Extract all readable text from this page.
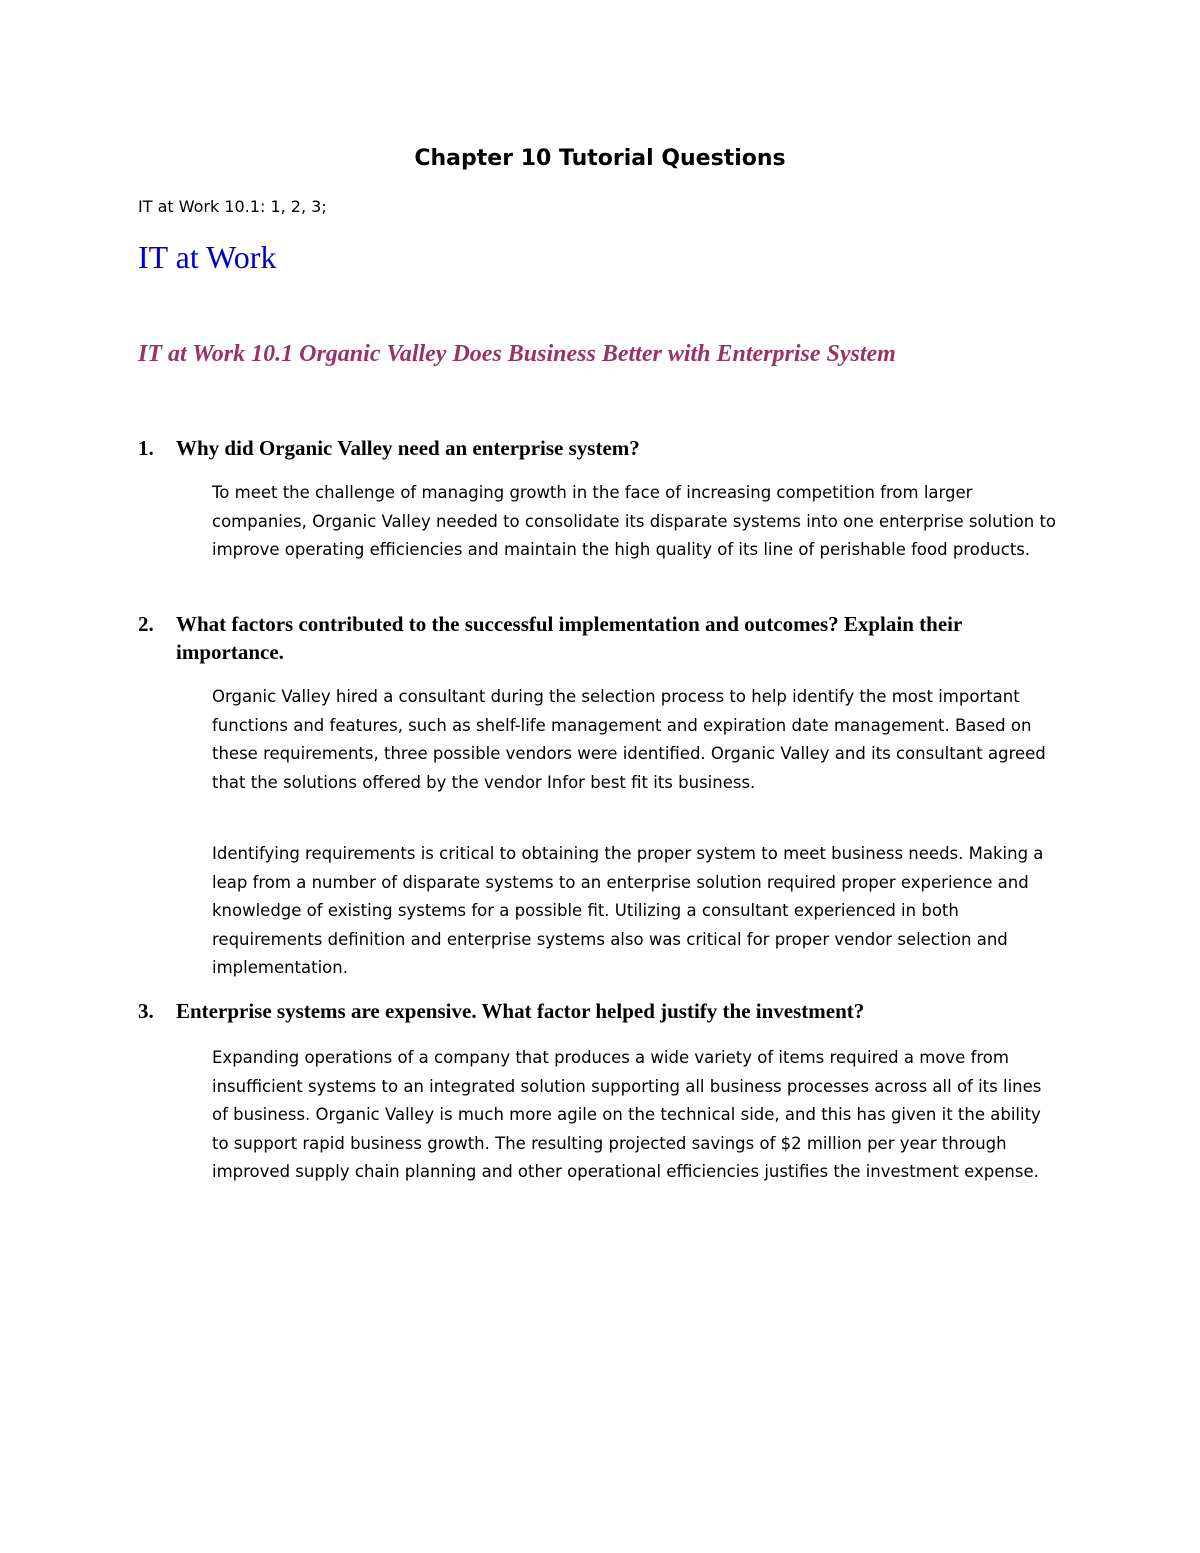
Chapter 10 Tutorial Questions
IT at Work 10.1: 1, 2, 3;
IT at Work
IT at Work 10.1 Organic Valley Does Business Better with Enterprise System
1. Why did Organic Valley need an enterprise system?
To meet the challenge of managing growth in the face of increasing competition from larger companies, Organic Valley needed to consolidate its disparate systems into one enterprise solution to improve operating efficiencies and maintain the high quality of its line of perishable food products.
2. What factors contributed to the successful implementation and outcomes? Explain their importance.
Organic Valley hired a consultant during the selection process to help identify the most important functions and features, such as shelf-life management and expiration date management. Based on these requirements, three possible vendors were identified. Organic Valley and its consultant agreed that the solutions offered by the vendor Infor best fit its business.
Identifying requirements is critical to obtaining the proper system to meet business needs. Making a leap from a number of disparate systems to an enterprise solution required proper experience and knowledge of existing systems for a possible fit. Utilizing a consultant experienced in both requirements definition and enterprise systems also was critical for proper vendor selection and implementation.
3. Enterprise systems are expensive. What factor helped justify the investment?
Expanding operations of a company that produces a wide variety of items required a move from insufficient systems to an integrated solution supporting all business processes across all of its lines of business. Organic Valley is much more agile on the technical side, and this has given it the ability to support rapid business growth. The resulting projected savings of $2 million per year through improved supply chain planning and other operational efficiencies justifies the investment expense.
